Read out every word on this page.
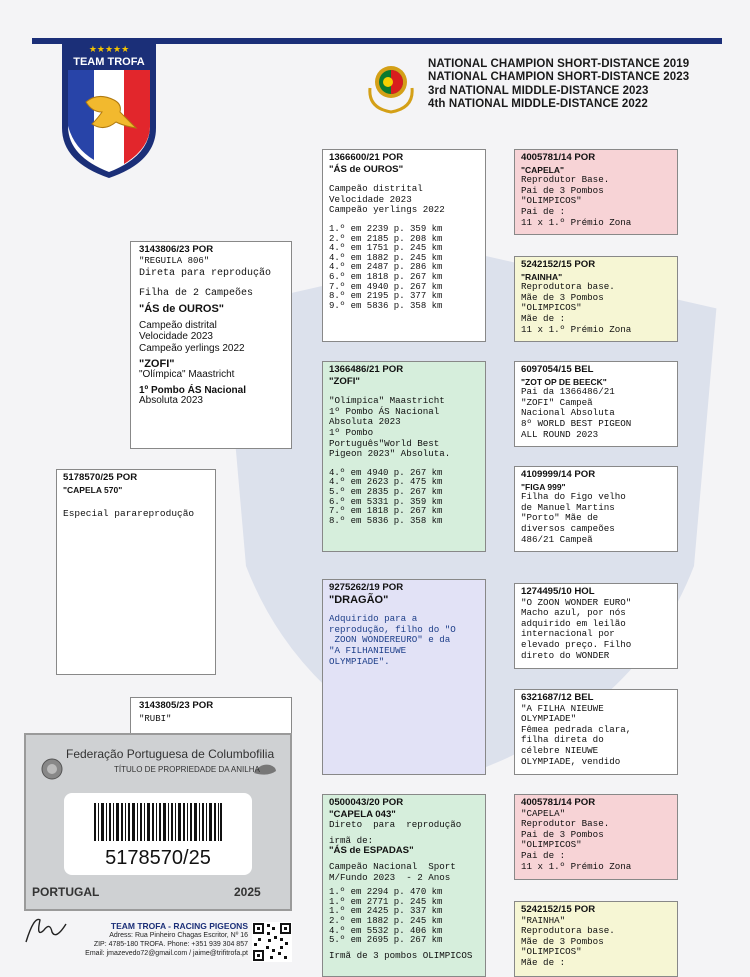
★★★★★
TEAM TROFA	NATIONAL CHAMPION SHORT-DISTANCE 2019
NATIONAL CHAMPION SHORT-DISTANCE 2023
3rd NATIONAL MIDDLE-DISTANCE 2023
4th NATIONAL MIDDLE-DISTANCE 2022
5178570/25 POR
"CAPELA 570"
Especial parareprodução
3143806/23 POR
"REGUILA 806"
Direta para reprodução
Filha de 2 Campeões
"ÁS de OUROS"
Campeão distrital
Velocidade 2023
Campeão yerlings 2022
"ZOFI"
"Olímpica" Maastricht
1º Pombo ÁS Nacional
Absoluta 2023
3143805/23 POR
"RUBI"
1366600/21 POR
"ÁS de OUROS"
Campeão distrital
Velocidade 2023
Campeão yerlings 2022
1.º em 2239 p. 359 km
2.º em 2185 p. 208 km
4.º em 1751 p. 245 km
4.º em 1882 p. 245 km
4.º em 2487 p. 286 km
6.º em 1818 p. 267 km
7.º em 4940 p. 267 km
8.º em 2195 p. 377 km
9.º em 5836 p. 358 km
1366486/21 POR
"ZOFI"
"Olímpica" Maastricht
1º Pombo ÁS Nacional
Absoluta 2023
1º Pombo
Português"World Best
Pigeon 2023" Absoluta.
4.º em 4940 p. 267 km
4.º em 2623 p. 475 km
5.º em 2835 p. 267 km
6.º em 5331 p. 359 km
7.º em 1818 p. 267 km
8.º em 5836 p. 358 km
9275262/19 POR
"DRAGÃO"
Adquirido para a
reprodução, filho do "O
ZOON WONDEREURO" e da
"A FILHANIEUWE
OLYMPIADE".
0500043/20 POR
"CAPELA 043"
Direto  para  reprodução
irmã de:
"ÁS de ESPADAS"
Campeão Nacional  Sport
M/Fundo 2023  - 2 Anos
1.º em 2294 p. 470 km
1.º em 2771 p. 245 km
1.º em 2425 p. 337 km
2.º em 1882 p. 245 km
4.º em 5532 p. 406 km
5.º em 2695 p. 267 km
Irmã de 3 pombos OLIMPICOS
4005781/14 POR
"CAPELA"
Reprodutor Base.
Pai de 3 Pombos
"OLIMPICOS"
Pai de :
11 x 1.º Prémio Zona
5242152/15 POR
"RAINHA"
Reprodutora base.
Mãe de 3 Pombos
"OLIMPICOS"
Mãe de :
11 x 1.º Prémio Zona
6097054/15 BEL
"ZOT OP DE BEECK"
Pai da 1366486/21
"ZOFI" Campeã
Nacional Absoluta
8º WORLD BEST PIGEON
ALL ROUND 2023
4109999/14 POR
"FIGA 999"
Filha do Figo velho
de Manuel Martins
"Porto" Mãe de
diversos campeões
486/21 Campeã
1274495/10 HOL
"O ZOON WONDER EURO"
Macho azul, por nós
adquirido em leilão
internacional por
elevado preço. Filho
direto do WONDER
6321687/12 BEL
"A FILHA NIEUWE
OLYMPIADE"
Fêmea pedrada clara,
filha direta do
célebre NIEUWE
OLYMPIADE, vendido
4005781/14 POR
"CAPELA"
Reprodutor Base.
Pai de 3 Pombos
"OLIMPICOS"
Pai de :
11 x 1.º Prémio Zona
5242152/15 POR
"RAINHA"
Reprodutora base.
Mãe de 3 Pombos
"OLIMPICOS"
Mãe de :
Federação Portuguesa de Columbofilia
TÍTULO DE PROPRIEDADE DA ANILHA
5178570/25
PORTUGAL	2025
TEAM TROFA - RACING PIGEONS
Adress: Rua Pinheiro Chagas Escritor, Nº 16
ZIP: 4785-180 TROFA. Phone: +351 939 304 857
Email: jmazevedo72@gmail.com / jaime@trifitrofa.pt
